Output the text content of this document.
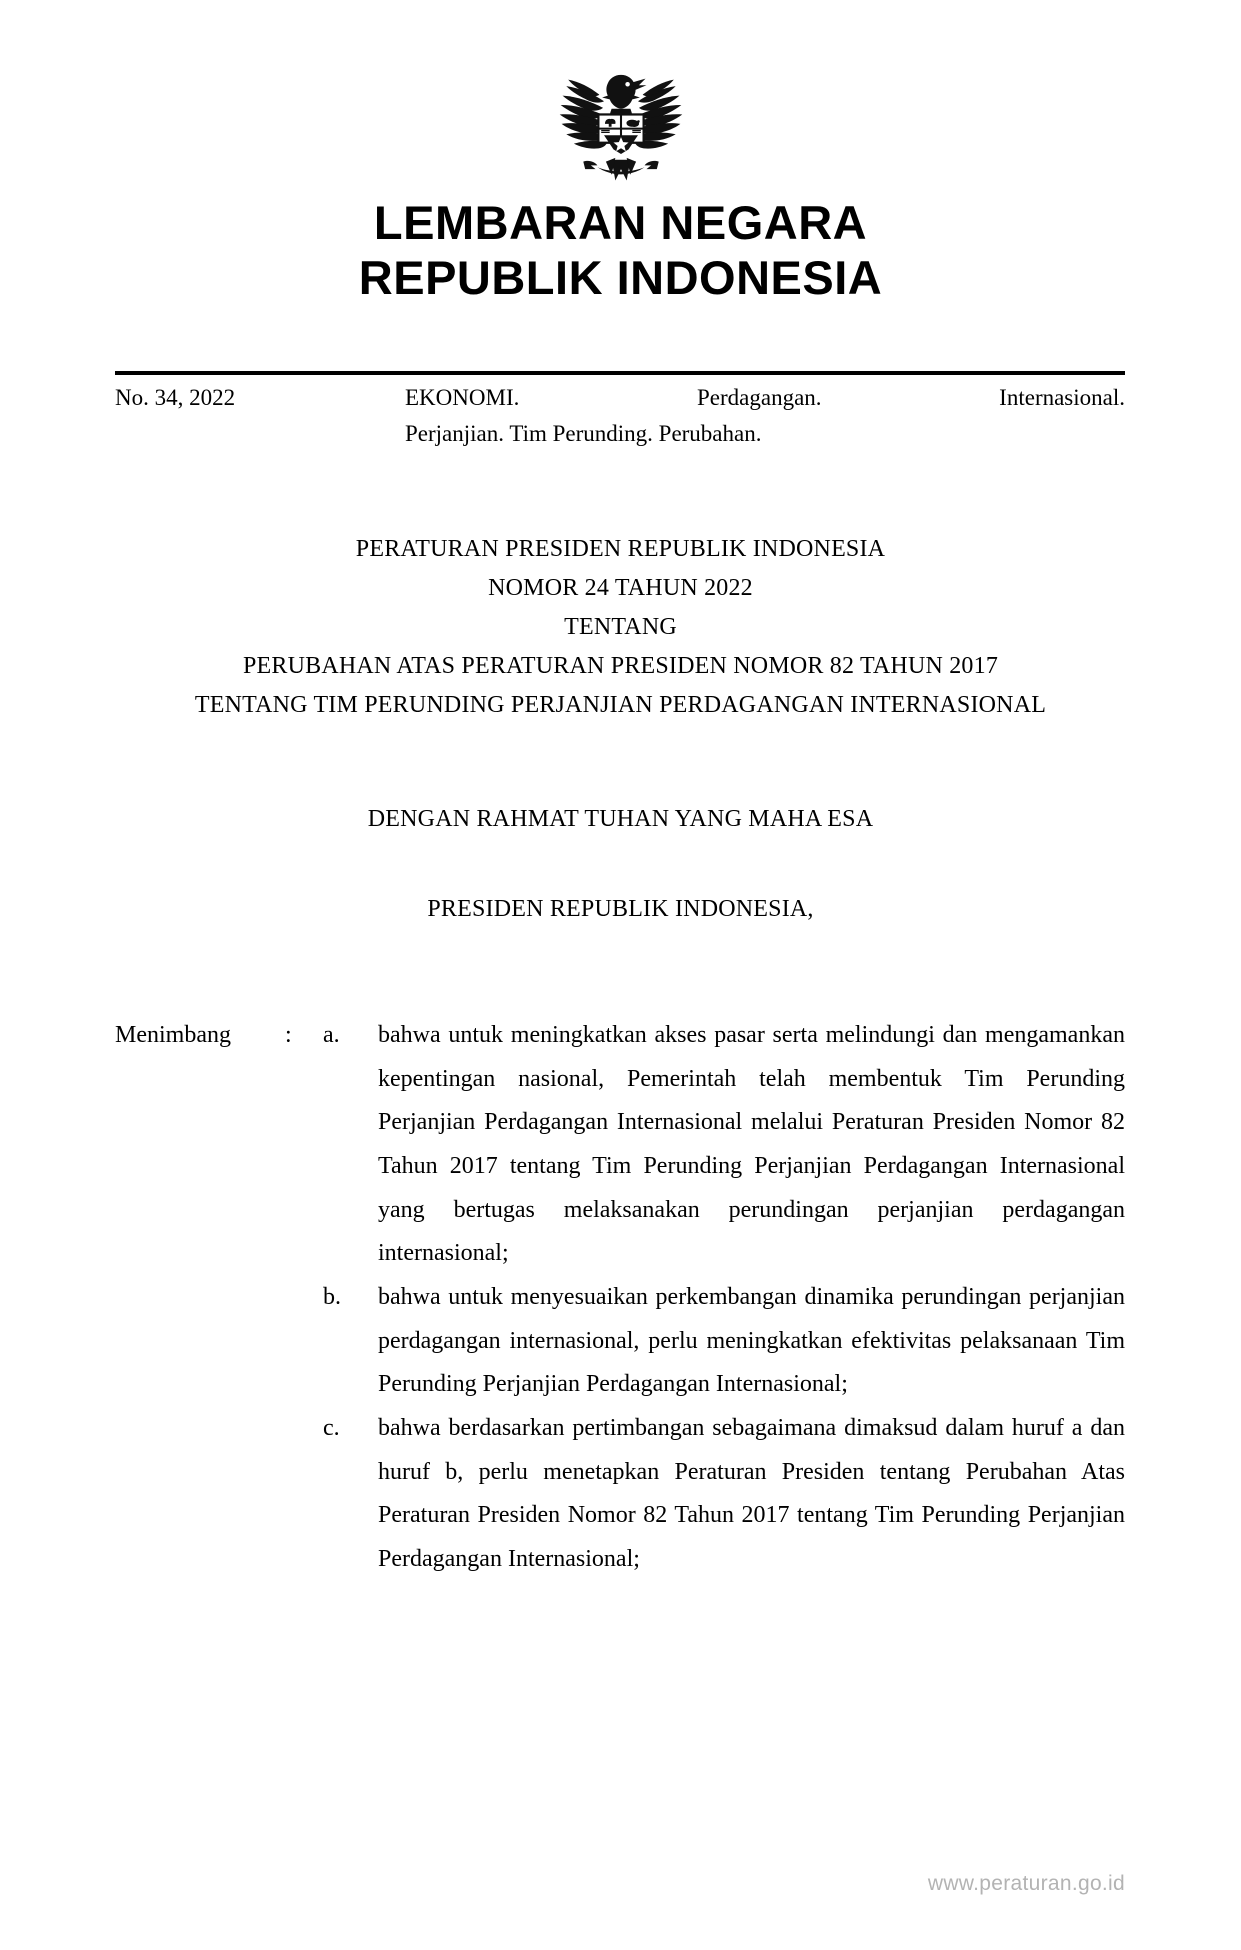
LEMBARAN NEGARA
REPUBLIK INDONESIA
No. 34, 2022	EKONOMI. Perdagangan. Internasional.
Perjanjian. Tim Perunding. Perubahan.
PERATURAN PRESIDEN REPUBLIK INDONESIA
NOMOR 24 TAHUN 2022
TENTANG
PERUBAHAN ATAS PERATURAN PRESIDEN NOMOR 82 TAHUN 2017
TENTANG TIM PERUNDING PERJANJIAN PERDAGANGAN INTERNASIONAL
DENGAN RAHMAT TUHAN YANG MAHA ESA
PRESIDEN REPUBLIK INDONESIA,
Menimbang	:	a.	bahwa untuk meningkatkan akses pasar serta melindungi dan mengamankan kepentingan nasional, Pemerintah telah membentuk Tim Perunding Perjanjian Perdagangan Internasional melalui Peraturan Presiden Nomor 82 Tahun 2017 tentang Tim Perunding Perjanjian Perdagangan Internasional yang bertugas melaksanakan perundingan perjanjian perdagangan internasional;
b.	bahwa untuk menyesuaikan perkembangan dinamika perundingan perjanjian perdagangan internasional, perlu meningkatkan efektivitas pelaksanaan Tim Perunding Perjanjian Perdagangan Internasional;
c.	bahwa berdasarkan pertimbangan sebagaimana dimaksud dalam huruf a dan huruf b, perlu menetapkan Peraturan Presiden tentang Perubahan Atas Peraturan Presiden Nomor 82 Tahun 2017 tentang Tim Perunding Perjanjian Perdagangan Internasional;
www.peraturan.go.id
